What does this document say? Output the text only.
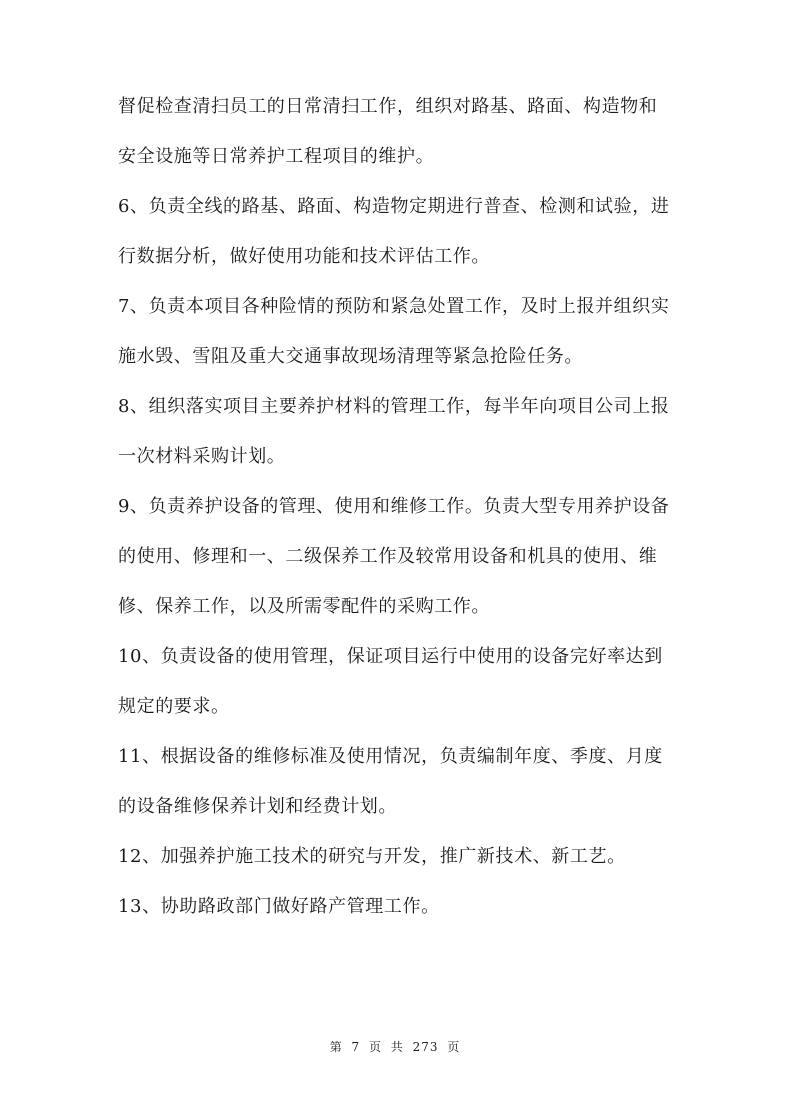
督促检查清扫员工的日常清扫工作，组织对路基、路面、构造物和
安全设施等日常养护工程项目的维护。
6、负责全线的路基、路面、构造物定期进行普查、检测和试验，进
行数据分析，做好使用功能和技术评估工作。
7、负责本项目各种险情的预防和紧急处置工作，及时上报并组织实
施水毁、雪阻及重大交通事故现场清理等紧急抢险任务。
8、组织落实项目主要养护材料的管理工作，每半年向项目公司上报
一次材料采购计划。
9、负责养护设备的管理、使用和维修工作。负责大型专用养护设备
的使用、修理和一、二级保养工作及较常用设备和机具的使用、维
修、保养工作，以及所需零配件的采购工作。
10、负责设备的使用管理，保证项目运行中使用的设备完好率达到
规定的要求。
11、根据设备的维修标准及使用情况，负责编制年度、季度、月度
的设备维修保养计划和经费计划。
12、加强养护施工技术的研究与开发，推广新技术、新工艺。
13、协助路政部门做好路产管理工作。
第 7 页 共 273 页
